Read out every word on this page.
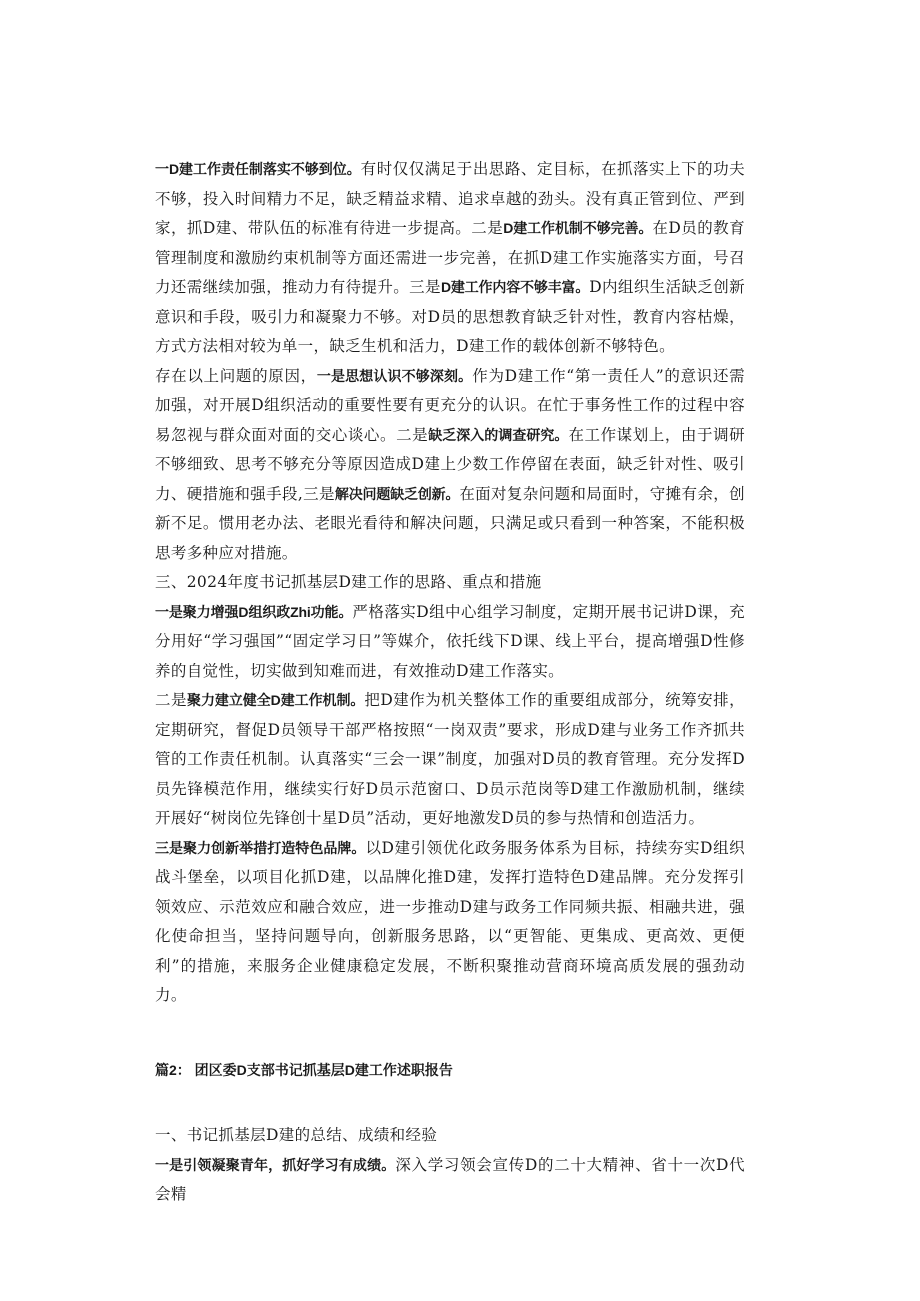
一D建工作责任制落实不够到位。有时仅仅满足于出思路、定目标，在抓落实上下的功夫不够，投入时间精力不足，缺乏精益求精、追求卓越的劲头。没有真正管到位、严到家，抓D建、带队伍的标准有待进一步提高。二是D建工作机制不够完善。在D员的教育管理制度和激励约束机制等方面还需进一步完善，在抓D建工作实施落实方面，号召力还需继续加强，推动力有待提升。三是D建工作内容不够丰富。D内组织生活缺乏创新意识和手段，吸引力和凝聚力不够。对D员的思想教育缺乏针对性，教育内容枯燥，方式方法相对较为单一，缺乏生机和活力，D建工作的载体创新不够特色。

存在以上问题的原因，一是思想认识不够深刻。作为D建工作“第一责任人”的意识还需加强，对开展D组织活动的重要性要有更充分的认识。在忙于事务性工作的过程中容易忽视与群众面对面的交心谈心。二是缺乏深入的调查研究。在工作谋划上，由于调研不够细致、思考不够充分等原因造成D建上少数工作停留在表面，缺乏针对性、吸引力、硬措施和强手段,三是解决问题缺乏创新。在面对复杂问题和局面时，守摊有余，创新不足。惯用老办法、老眼光看待和解决问题，只满足或只看到一种答案，不能积极思考多种应对措施。

三、2024年度书记抓基层D建工作的思路、重点和措施

一是聚力增强D组织政Zhi功能。严格落实D组中心组学习制度，定期开展书记讲D课，充分用好“学习强国”“固定学习日”等媒介，依托线下D课、线上平台，提高增强D性修养的自觉性，切实做到知难而进，有效推动D建工作落实。

二是聚力建立健全D建工作机制。把D建作为机关整体工作的重要组成部分，统筹安排，定期研究，督促D员领导干部严格按照“一岗双责”要求，形成D建与业务工作齐抓共管的工作责任机制。认真落实“三会一课”制度，加强对D员的教育管理。充分发挥D员先锋模范作用，继续实行好D员示范窗口、D员示范岗等D建工作激励机制，继续开展好“树岗位先锋创十星D员”活动，更好地激发D员的参与热情和创造活力。

三是聚力创新举措打造特色品牌。以D建引领优化政务服务体系为目标，持续夯实D组织战斗堡垒，以项目化抓D建，以品牌化推D建，发挥打造特色D建品牌。充分发挥引领效应、示范效应和融合效应，进一步推动D建与政务工作同频共振、相融共进，强化使命担当，坚持问题导向，创新服务思路，以“更智能、更集成、更高效、更便利”的措施，来服务企业健康稳定发展，不断积聚推动营商环境高质发展的强劲动力。

篇2： 团区委D支部书记抓基层D建工作述职报告

一、书记抓基层D建的总结、成绩和经验

一是引领凝聚青年，抓好学习有成绩。深入学习领会宣传D的二十大精神、省十一次D代会精
